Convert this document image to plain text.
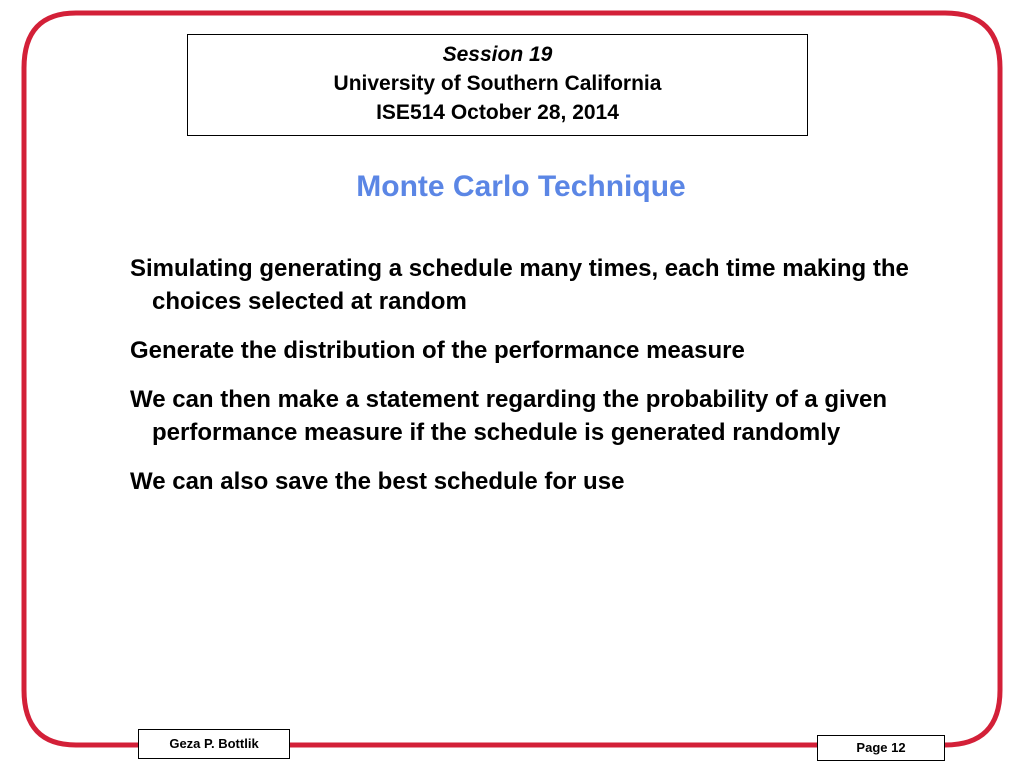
Session 19
University of Southern California
ISE514 October 28, 2014
Monte Carlo Technique
Simulating generating a schedule many times, each time making the choices selected at random
Generate the distribution of the performance measure
We can then make a statement regarding the probability of a given performance measure if the schedule is generated randomly
We can also save the best schedule for use
Geza P. Bottlik	Page 12
